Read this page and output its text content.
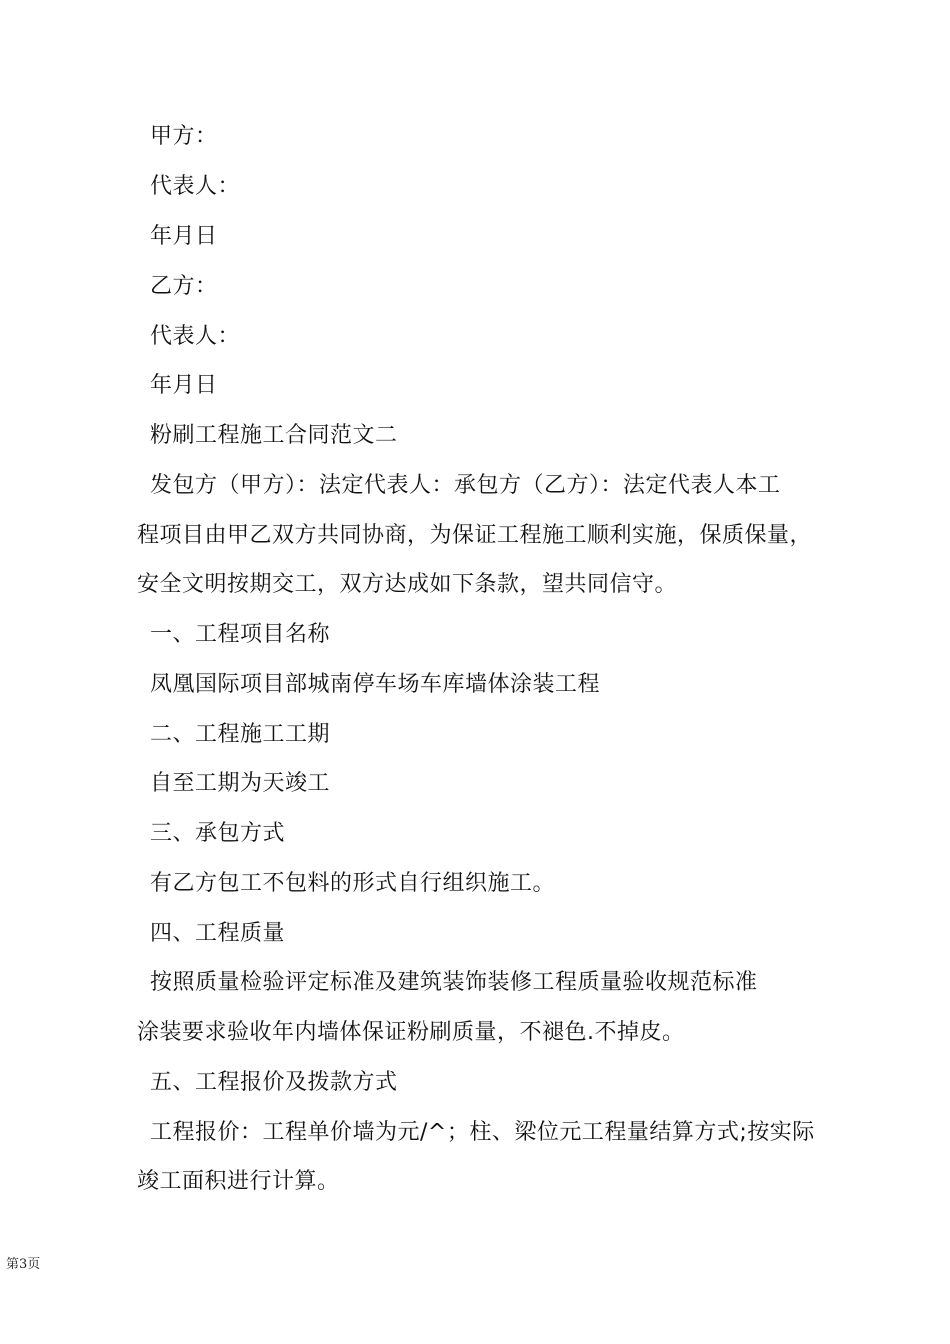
甲方：
代表人：
年月日
乙方：
代表人：
年月日
粉刷工程施工合同范文二
发包方（甲方）：法定代表人：承包方（乙方）：法定代表人本工
程项目由甲乙双方共同协商，为保证工程施工顺利实施，保质保量，
安全文明按期交工，双方达成如下条款，望共同信守。
一、工程项目名称
凤凰国际项目部城南停车场车库墙体涂装工程
二、工程施工工期
自至工期为天竣工
三、承包方式
有乙方包工不包料的形式自行组织施工。
四、工程质量
按照质量检验评定标准及建筑装饰装修工程质量验收规范标准
涂装要求验收年内墙体保证粉刷质量，不褪色.不掉皮。
五、工程报价及拨款方式
工程报价：工程单价墙为元/^；柱、梁位元工程量结算方式;按实际
竣工面积进行计算。
第3页
